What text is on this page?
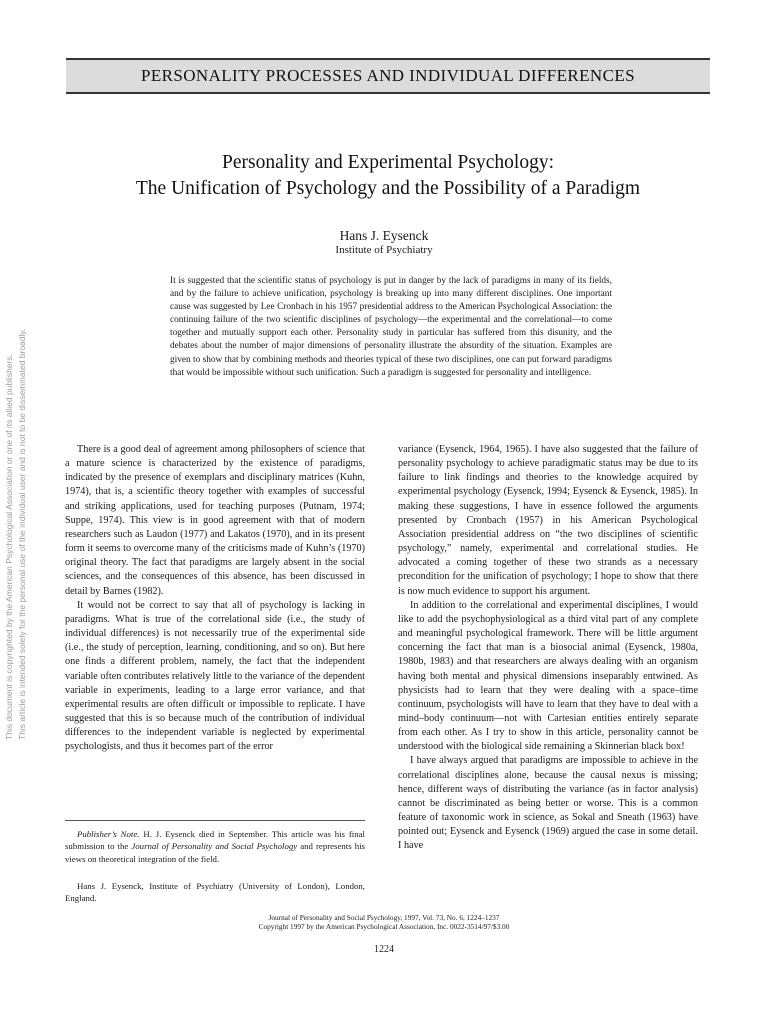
PERSONALITY PROCESSES AND INDIVIDUAL DIFFERENCES
This document is copyrighted by the American Psychological Association or one of its allied publishers. This article is intended solely for the personal use of the individual user and is not to be disseminated broadly.
Personality and Experimental Psychology:
The Unification of Psychology and the Possibility of a Paradigm
Hans J. Eysenck
Institute of Psychiatry
It is suggested that the scientific status of psychology is put in danger by the lack of paradigms in many of its fields, and by the failure to achieve unification, psychology is breaking up into many different disciplines. One important cause was suggested by Lee Cronbach in his 1957 presidential address to the American Psychological Association: the continuing failure of the two scientific disciplines of psychology—the experimental and the correlational—to come together and mutually support each other. Personality study in particular has suffered from this disunity, and the debates about the number of major dimensions of personality illustrate the absurdity of the situation. Examples are given to show that by combining methods and theories typical of these two disciplines, one can put forward paradigms that would be impossible without such unification. Such a paradigm is suggested for personality and intelligence.

There is a good deal of agreement among philosophers of science that a mature science is characterized by the existence of paradigms, indicated by the presence of exemplars and disciplinary matrices (Kuhn, 1974), that is, a scientific theory together with examples of successful and striking applications, used for teaching purposes (Putnam, 1974; Suppe, 1974). This view is in good agreement with that of modern researchers such as Laudon (1977) and Lakatos (1970), and in its present form it seems to overcome many of the criticisms made of Kuhn’s (1970) original theory. The fact that paradigms are largely absent in the social sciences, and the consequences of this absence, has been discussed in detail by Barnes (1982).

It would not be correct to say that all of psychology is lacking in paradigms. What is true of the correlational side (i.e., the study of individual differences) is not necessarily true of the experimental side (i.e., the study of perception, learning, conditioning, and so on). But here one finds a different problem, namely, the fact that the independent variable often contributes relatively little to the variance of the dependent variable in experiments, leading to a large error variance, and that experimental results are often difficult or impossible to replicate. I have suggested that this is so because much of the contribution of individual differences to the independent variable is neglected by experimental psychologists, and thus it becomes part of the error

variance (Eysenck, 1964, 1965). I have also suggested that the failure of personality psychology to achieve paradigmatic status may be due to its failure to link findings and theories to the knowledge acquired by experimental psychology (Eysenck, 1994; Eysenck & Eysenck, 1985). In making these suggestions, I have in essence followed the arguments presented by Cronbach (1957) in his American Psychological Association presidential address on “the two disciplines of scientific psychology,” namely, experimental and correlational studies. He advocated a coming together of these two strands as a necessary precondition for the unification of psychology; I hope to show that there is now much evidence to support his argument.

In addition to the correlational and experimental disciplines, I would like to add the psychophysiological as a third vital part of any complete and meaningful psychological framework. There will be little argument concerning the fact that man is a biosocial animal (Eysenck, 1980a, 1980b, 1983) and that researchers are always dealing with an organism having both mental and physical dimensions inseparably entwined. As physicists had to learn that they were dealing with a space–time continuum, psychologists will have to learn that they have to deal with a mind–body continuum—not with Cartesian entities entirely separate from each other. As I try to show in this article, personality cannot be understood with the biological side remaining a Skinnerian black box!

I have always argued that paradigms are impossible to achieve in the correlational disciplines alone, because the causal nexus is missing; hence, different ways of distributing the variance (as in factor analysis) cannot be discriminated as being better or worse. This is a common feature of taxonomic work in science, as Sokal and Sneath (1963) have pointed out; Eysenck and Eysenck (1969) argued the case in some detail. I have

Publisher’s Note. H. J. Eysenck died in September. This article was his final submission to the Journal of Personality and Social Psychology and represents his views on theoretical integration of the field.

Hans J. Eysenck, Institute of Psychiatry (University of London), London, England.

Journal of Personality and Social Psychology, 1997, Vol. 73, No. 6, 1224–1237
Copyright 1997 by the American Psychological Association, Inc. 0022-3514/97/$3.00
1224
